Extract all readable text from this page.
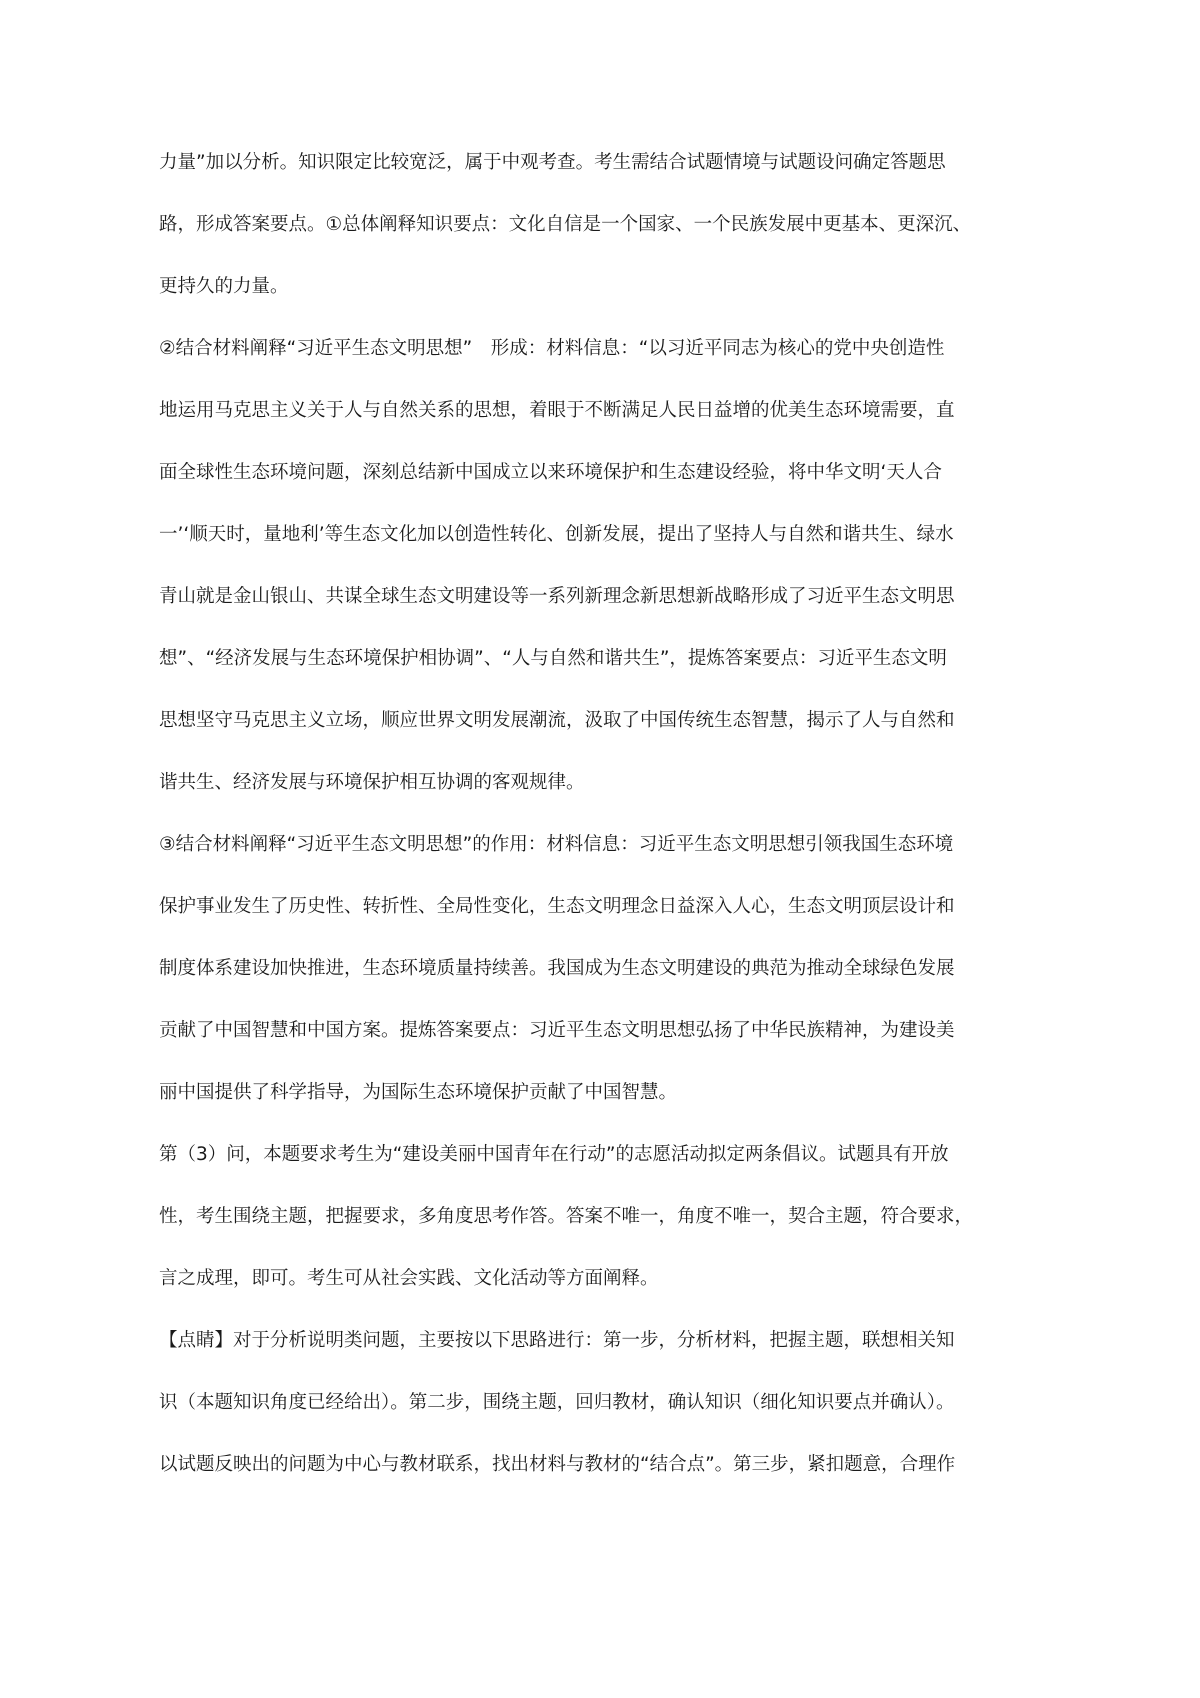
力量”加以分析。知识限定比较宽泛，属于中观考查。考生需结合试题情境与试题设问确定答题思
路，形成答案要点。①总体阐释知识要点：文化自信是一个国家、一个民族发展中更基本、更深沉、
更持久的力量。
②结合材料阐释“习近平生态文明思想”　形成：材料信息：“以习近平同志为核心的党中央创造性
地运用马克思主义关于人与自然关系的思想，着眼于不断满足人民日益增的优美生态环境需要，直
面全球性生态环境问题，深刻总结新中国成立以来环境保护和生态建设经验，将中华文明‘天人合
一’‘顺天时，量地利’等生态文化加以创造性转化、创新发展，提出了坚持人与自然和谐共生、绿水
青山就是金山银山、共谋全球生态文明建设等一系列新理念新思想新战略形成了习近平生态文明思
想”、“经济发展与生态环境保护相协调”、“人与自然和谐共生”，提炼答案要点：习近平生态文明
思想坚守马克思主义立场，顺应世界文明发展潮流，汲取了中国传统生态智慧，揭示了人与自然和
谐共生、经济发展与环境保护相互协调的客观规律。
③结合材料阐释“习近平生态文明思想”的作用：材料信息：习近平生态文明思想引领我国生态环境
保护事业发生了历史性、转折性、全局性变化，生态文明理念日益深入人心，生态文明顶层设计和
制度体系建设加快推进，生态环境质量持续善。我国成为生态文明建设的典范为推动全球绿色发展
贡献了中国智慧和中国方案。提炼答案要点：习近平生态文明思想弘扬了中华民族精神，为建设美
丽中国提供了科学指导，为国际生态环境保护贡献了中国智慧。
第（3）问，本题要求考生为“建设美丽中国青年在行动”的志愿活动拟定两条倡议。试题具有开放
性，考生围绕主题，把握要求，多角度思考作答。答案不唯一，角度不唯一，契合主题，符合要求，
言之成理，即可。考生可从社会实践、文化活动等方面阐释。
【点睛】对于分析说明类问题，主要按以下思路进行：第一步，分析材料，把握主题，联想相关知
识（本题知识角度已经给出）。第二步，围绕主题，回归教材，确认知识（细化知识要点并确认）。
以试题反映出的问题为中心与教材联系，找出材料与教材的“结合点”。第三步，紧扣题意，合理作
